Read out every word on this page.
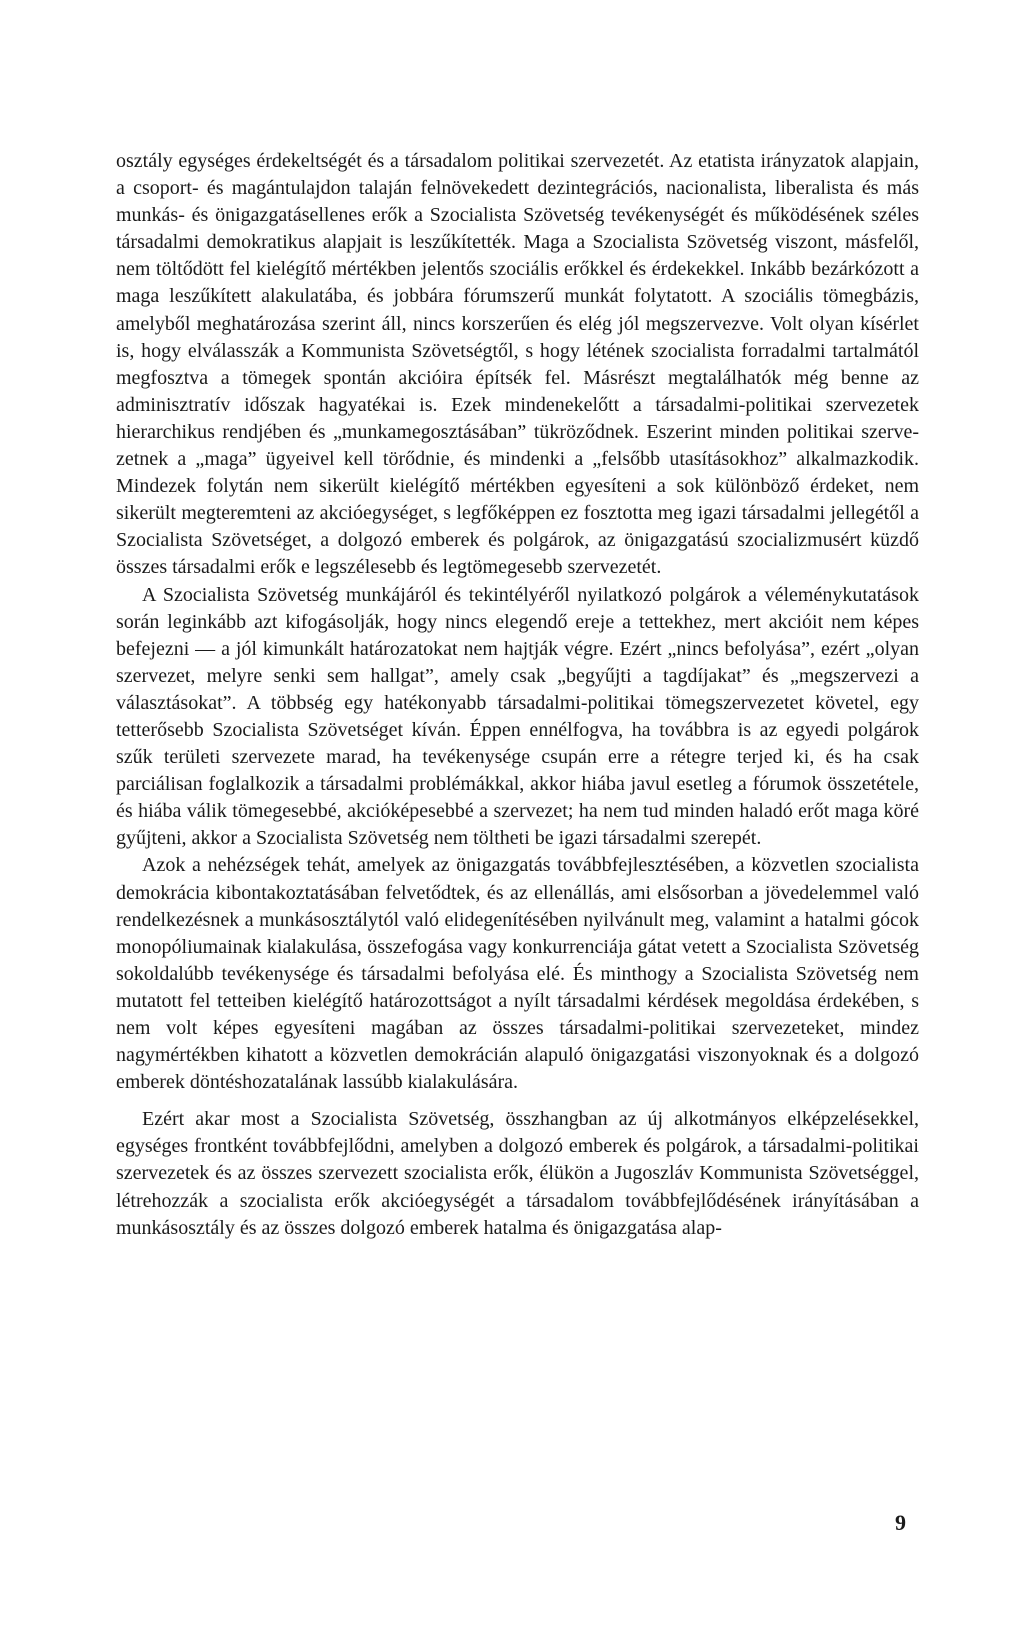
osztály egységes érdekeltségét és a társadalom politikai szervezetét. Az etatista irányzatok alapjain, a csoport- és magántulajdon talaján felnövekedett dezintegrációs, nacionalista, liberalista és más munkás- és önigazgatásellenes erők a Szocialista Szövetség tevékenységét és működésének széles társadalmi demokratikus alapjait is leszűkítették. Maga a Szocialista Szövetség viszont, másfelől, nem töltődött fel kielégítő mértékben jelentős szociális erőkkel és érdekekkel. Inkább bezárkózott a maga leszűkített alakulatába, és jobbára fórumszerű munkát folytatott. A szociális tömegbázis, amelyből meghatározása szerint áll, nincs korszerűen és elég jól megszervezve. Volt olyan kísérlet is, hogy elválasszák a Kommunista Szövetségtől, s hogy létének szocialista forradalmi tartalmától megfosztva a tömegek spontán akcióira építsék fel. Másrészt megtalálhatók még benne az adminisztratív időszak hagyatékai is. Ezek mindenekelőtt a társadalmi-politikai szervezetek hierarchikus rendjében és „munkamegosztásában” tükröződnek. Eszerint minden politikai szervezetnek a „maga” ügyeivel kell törődnie, és mindenki a „felsőbb utasításokhoz” alkalmazkodik. Mindezek folytán nem sikerült kielégítő mértékben egyesíteni a sok különböző érdeket, nem sikerült megteremteni az akcióegységet, s legfőképpen ez fosztotta meg igazi társadalmi jellegétől a Szocialista Szövetséget, a dolgozó emberek és polgárok, az önigazgatású szocializmusért küzdő összes társadalmi erők e legszélesebb és legtömegesebb szervezetét.

A Szocialista Szövetség munkájáról és tekintélyéről nyilatkozó polgárok a véleménykutatások során leginkább azt kifogásolják, hogy nincs elegendő ereje a tettekhez, mert akcióit nem képes befejezni — a jól kimunkált határozatokat nem hajtják végre. Ezért „nincs befolyása”, ezért „olyan szervezet, melyre senki sem hallgat”, amely csak „begyűjti a tagdíjakat” és „megszervezi a választásokat”. A többség egy hatékonyabb társadalmi-politikai tömegszervezetet követel, egy tetterősebb Szocialista Szövetséget kíván. Éppen ennélfogva, ha továbbra is az egyedi polgárok szűk területi szervezete marad, ha tevékenysége csupán erre a rétegre terjed ki, és ha csak parciálisan foglalkozik a társadalmi problémákkal, akkor hiába javul esetleg a fórumok összetétele, és hiába válik tömegesebbé, akcióképesebbé a szervezet; ha nem tud minden haladó erőt maga köré gyűjteni, akkor a Szocialista Szövetség nem töltheti be igazi társadalmi szerepét.

Azok a nehézségek tehát, amelyek az önigazgatás továbbfejlesztésében, a közvetlen szocialista demokrácia kibontakoztatásában felvetődtek, és az ellenállás, ami elsősorban a jövedelemmel való rendelkezésnek a munkásosztálytól való elidegenítésében nyilvánult meg, valamint a hatalmi gócok monopóliumainak kialakulása, összefogása vagy konkurrenciája gátat vetett a Szocialista Szövetség sokoldalúbb tevékenysége és társadalmi befolyása elé. És minthogy a Szocialista Szövetség nem mutatott fel tetteiben kielégítő határozottságot a nyílt társadalmi kérdések megoldása érdekében, s nem volt képes egyesíteni magában az összes társadalmi-politikai szervezeteket, mindez nagymértékben kihatott a közvetlen demokrácián alapuló önigazgatási viszonyoknak és a dolgozó emberek döntéshozatalának lassúbb kialakulására.

Ezért akar most a Szocialista Szövetség, összhangban az új alkotmányos elképzelésekkel, egységes frontként továbbfejlődni, amelyben a dolgozó emberek és polgárok, a társadalmi-politikai szervezetek és az összes szervezett szocialista erők, élükön a Jugoszláv Kommunista Szövetséggel, létrehozzák a szocialista erők akcióegységét a társadalom továbbfejlődésének irányításában a munkásosztály és az összes dolgozó emberek hatalma és önigazgatása alap-

9
